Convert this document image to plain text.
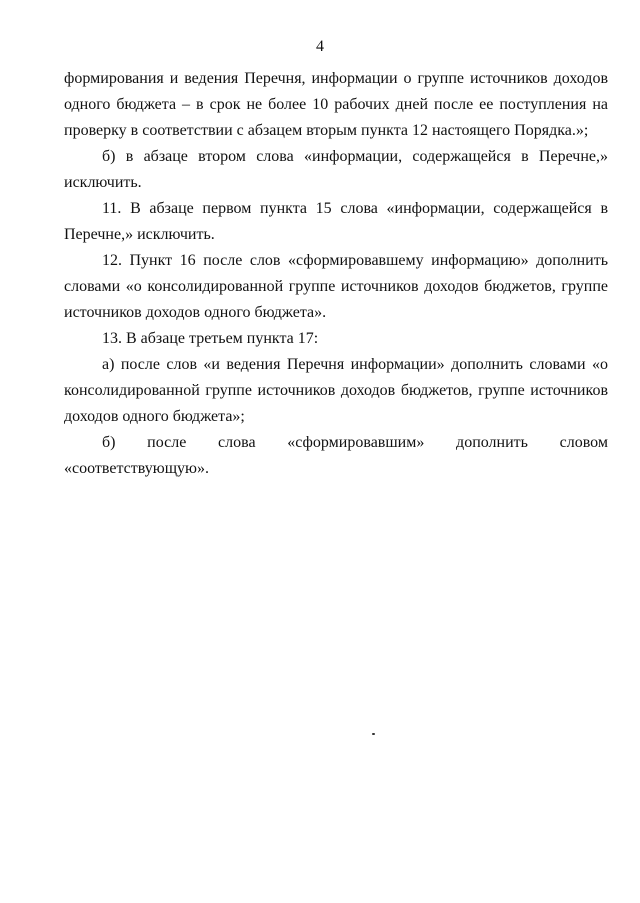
4

формирования и ведения Перечня, информации о группе источников доходов одного бюджета – в срок не более 10 рабочих дней после ее поступления на проверку в соответствии с абзацем вторым пункта 12 настоящего Порядка.»;

б) в абзаце втором слова «информации, содержащейся в Перечне,» исключить.

11. В абзаце первом пункта 15 слова «информации, содержащейся в Перечне,» исключить.

12. Пункт 16 после слов «сформировавшему информацию» дополнить словами «о консолидированной группе источников доходов бюджетов, группе источников доходов одного бюджета».

13. В абзаце третьем пункта 17:

а) после слов «и ведения Перечня информации» дополнить словами «о консолидированной группе источников доходов бюджетов, группе источников доходов одного бюджета»;

б) после слова «сформировавшим» дополнить словом «соответствующую».
